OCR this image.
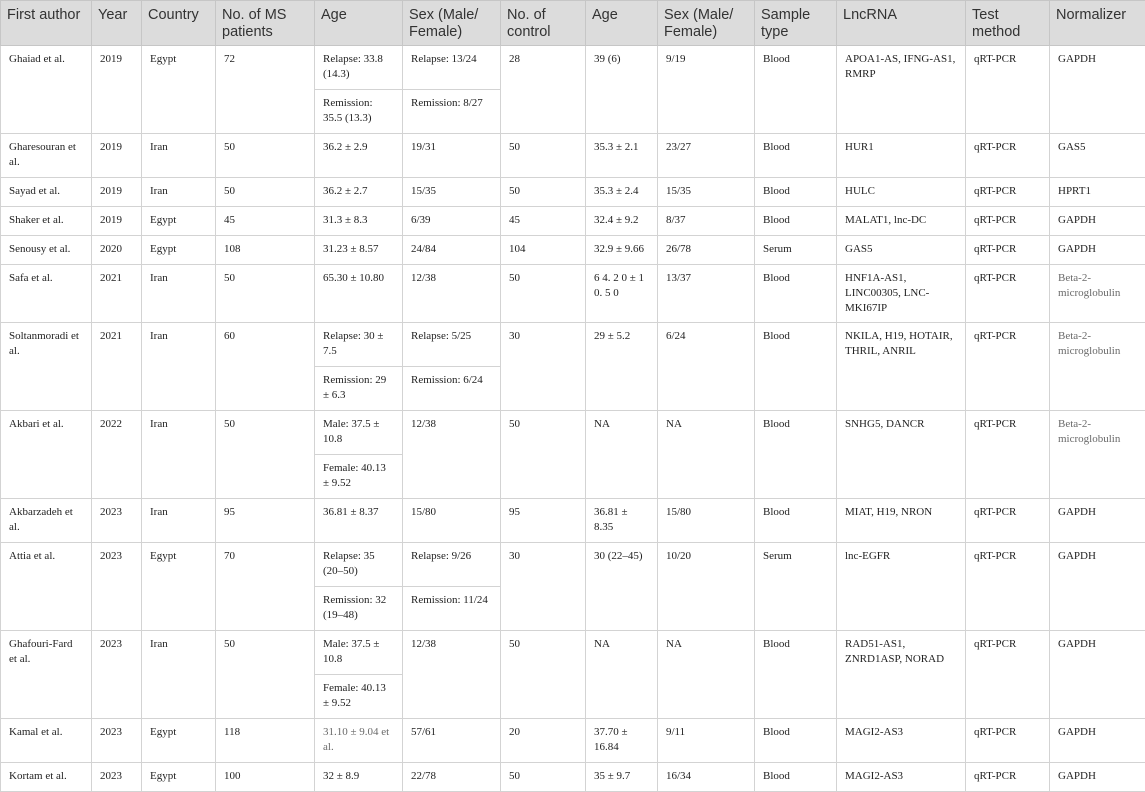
First author	Year	Country	No. of MS patients	Age	Sex (Male/ Female)	No. of control	Age	Sex (Male/ Female)	Sample type	LncRNA	Test method	Normalizer
Ghaiad et al.	2019	Egypt	72	Relapse: 33.8 (14.3)	Relapse: 13/24	28	39 (6)	9/19	Blood	APOA1-AS, IFNG-AS1, RMRP	qRT-PCR	GAPDH
				Remission: 35.5 (13.3)	Remission: 8/27							
Gharesouran et al.	2019	Iran	50	36.2 ± 2.9	19/31	50	35.3 ± 2.1	23/27	Blood	HUR1	qRT-PCR	GAS5
Sayad et al.	2019	Iran	50	36.2 ± 2.7	15/35	50	35.3 ± 2.4	15/35	Blood	HULC	qRT-PCR	HPRT1
Shaker et al.	2019	Egypt	45	31.3 ± 8.3	6/39	45	32.4 ± 9.2	8/37	Blood	MALAT1, lnc-DC	qRT-PCR	GAPDH
Senousy et al.	2020	Egypt	108	31.23 ± 8.57	24/84	104	32.9 ± 9.66	26/78	Serum	GAS5	qRT-PCR	GAPDH
Safa et al.	2021	Iran	50	65.30 ± 10.80	12/38	50	6 4. 2 0 ± 1 0. 5 0	13/37	Blood	HNF1A-AS1, LINC00305, LNC-MKI67IP	qRT-PCR	Beta-2-microglobulin
Soltanmoradi et al.	2021	Iran	60	Relapse: 30 ± 7.5	Relapse: 5/25	30	29 ± 5.2	6/24	Blood	NKILA, H19, HOTAIR, THRIL, ANRIL	qRT-PCR	Beta-2-microglobulin
				Remission: 29 ± 6.3	Remission: 6/24							
Akbari et al.	2022	Iran	50	Male: 37.5 ± 10.8	12/38	50	NA	NA	Blood	SNHG5, DANCR	qRT-PCR	Beta-2-microglobulin
				Female: 40.13 ± 9.52								
Akbarzadeh et al.	2023	Iran	95	36.81 ± 8.37	15/80	95	36.81 ± 8.35	15/80	Blood	MIAT, H19, NRON	qRT-PCR	GAPDH
Attia et al.	2023	Egypt	70	Relapse: 35 (20–50)	Relapse: 9/26	30	30 (22–45)	10/20	Serum	lnc-EGFR	qRT-PCR	GAPDH
				Remission: 32 (19–48)	Remission: 11/24							
Ghafouri-Fard et al.	2023	Iran	50	Male: 37.5 ± 10.8	12/38	50	NA	NA	Blood	RAD51-AS1, ZNRD1ASP, NORAD	qRT-PCR	GAPDH
				Female: 40.13 ± 9.52								
Kamal et al.	2023	Egypt	118	31.10 ± 9.04 et al.	57/61	20	37.70 ± 16.84	9/11	Blood	MAGI2-AS3	qRT-PCR	GAPDH
Kortam et al.	2023	Egypt	100	32 ± 8.9	22/78	50	35 ± 9.7	16/34	Blood	MAGI2-AS3	qRT-PCR	GAPDH
